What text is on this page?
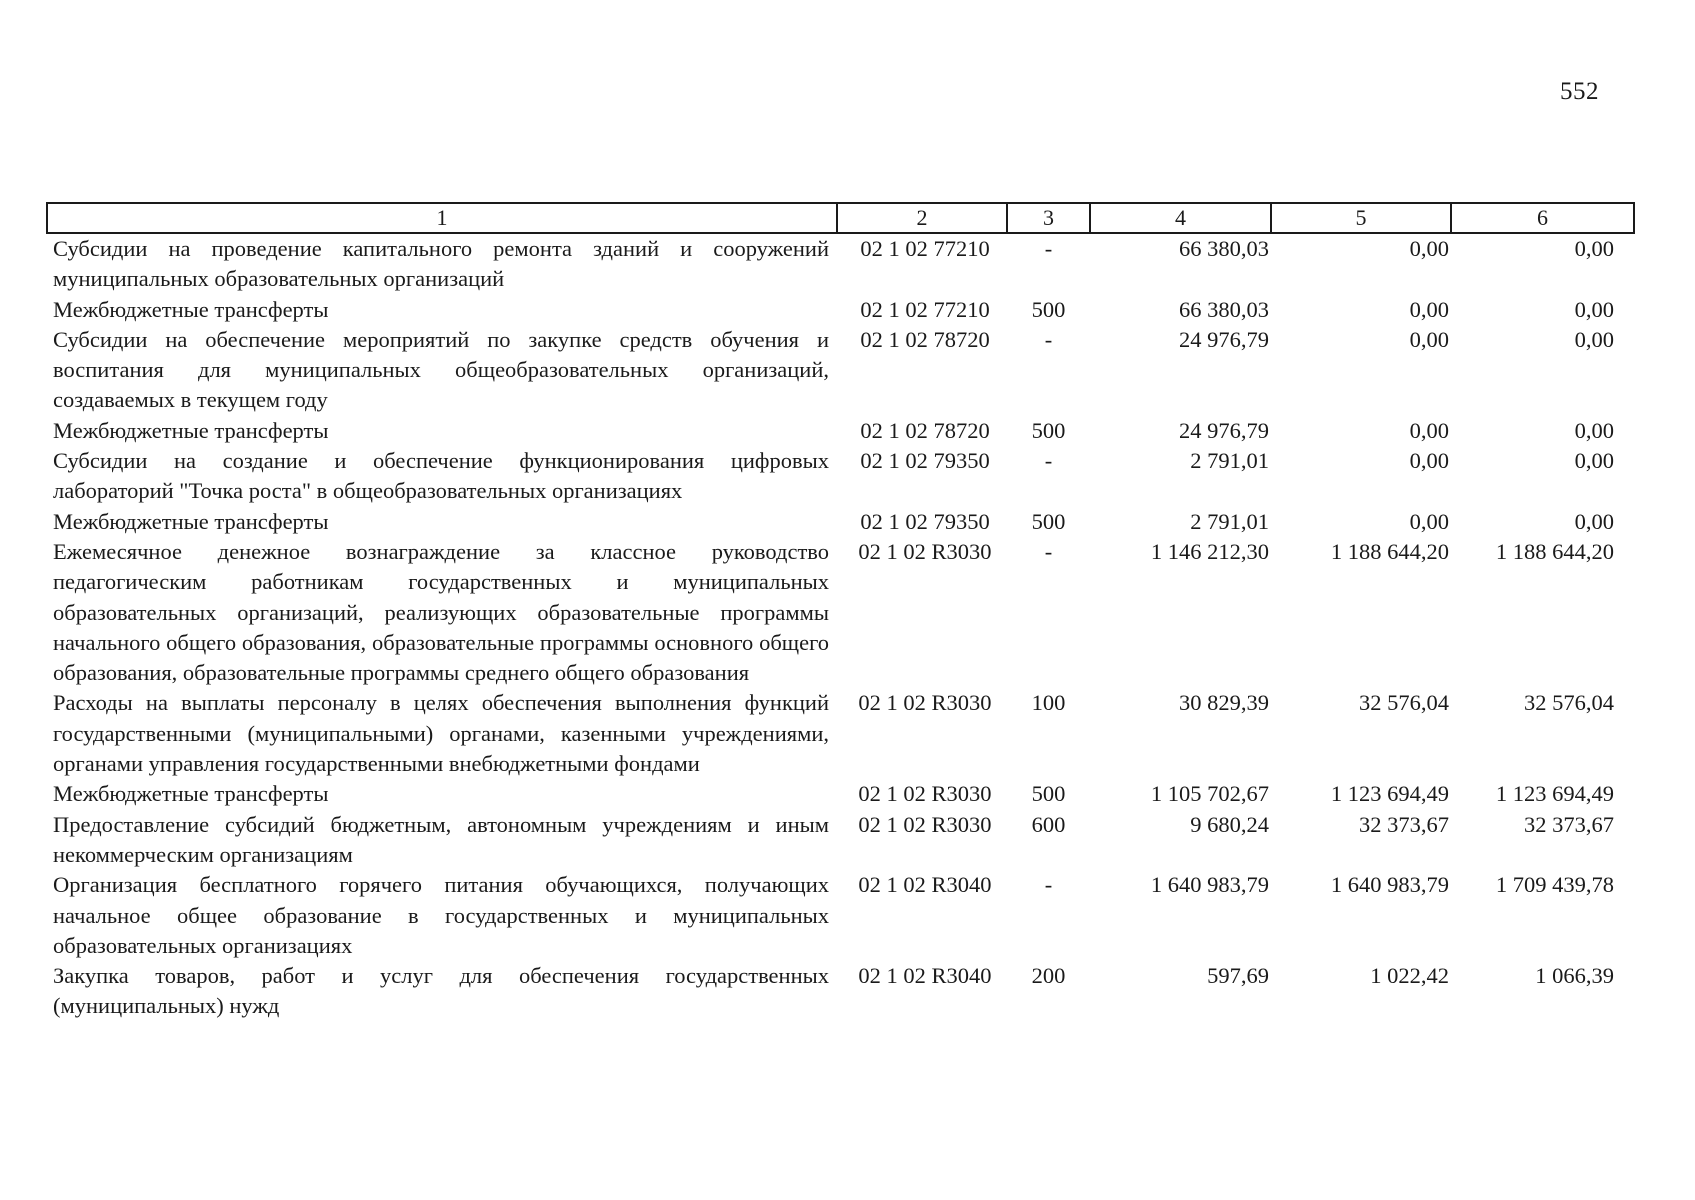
552
1	2	3	4	5	6
Субсидии на проведение капитального ремонта зданий и сооружений муниципальных образовательных организаций	02 1 02 77210	-	66 380,03	0,00	0,00
Межбюджетные трансферты	02 1 02 77210	500	66 380,03	0,00	0,00
Субсидии на обеспечение мероприятий по закупке средств обучения и воспитания для муниципальных общеобразовательных организаций, создаваемых в текущем году	02 1 02 78720	-	24 976,79	0,00	0,00
Межбюджетные трансферты	02 1 02 78720	500	24 976,79	0,00	0,00
Субсидии на создание и обеспечение функционирования цифровых лабораторий "Точка роста" в общеобразовательных организациях	02 1 02 79350	-	2 791,01	0,00	0,00
Межбюджетные трансферты	02 1 02 79350	500	2 791,01	0,00	0,00
Ежемесячное денежное вознаграждение за классное руководство педагогическим работникам государственных и муниципальных образовательных организаций, реализующих образовательные программы начального общего образования, образовательные программы основного общего образования, образовательные программы среднего общего образования	02 1 02 R3030	-	1 146 212,30	1 188 644,20	1 188 644,20
Расходы на выплаты персоналу в целях обеспечения выполнения функций государственными (муниципальными) органами, казенными учреждениями, органами управления государственными внебюджетными фондами	02 1 02 R3030	100	30 829,39	32 576,04	32 576,04
Межбюджетные трансферты	02 1 02 R3030	500	1 105 702,67	1 123 694,49	1 123 694,49
Предоставление субсидий бюджетным, автономным учреждениям и иным некоммерческим организациям	02 1 02 R3030	600	9 680,24	32 373,67	32 373,67
Организация бесплатного горячего питания обучающихся, получающих начальное общее образование в государственных и муниципальных образовательных организациях	02 1 02 R3040	-	1 640 983,79	1 640 983,79	1 709 439,78
Закупка товаров, работ и услуг для обеспечения государственных (муниципальных) нужд	02 1 02 R3040	200	597,69	1 022,42	1 066,39
